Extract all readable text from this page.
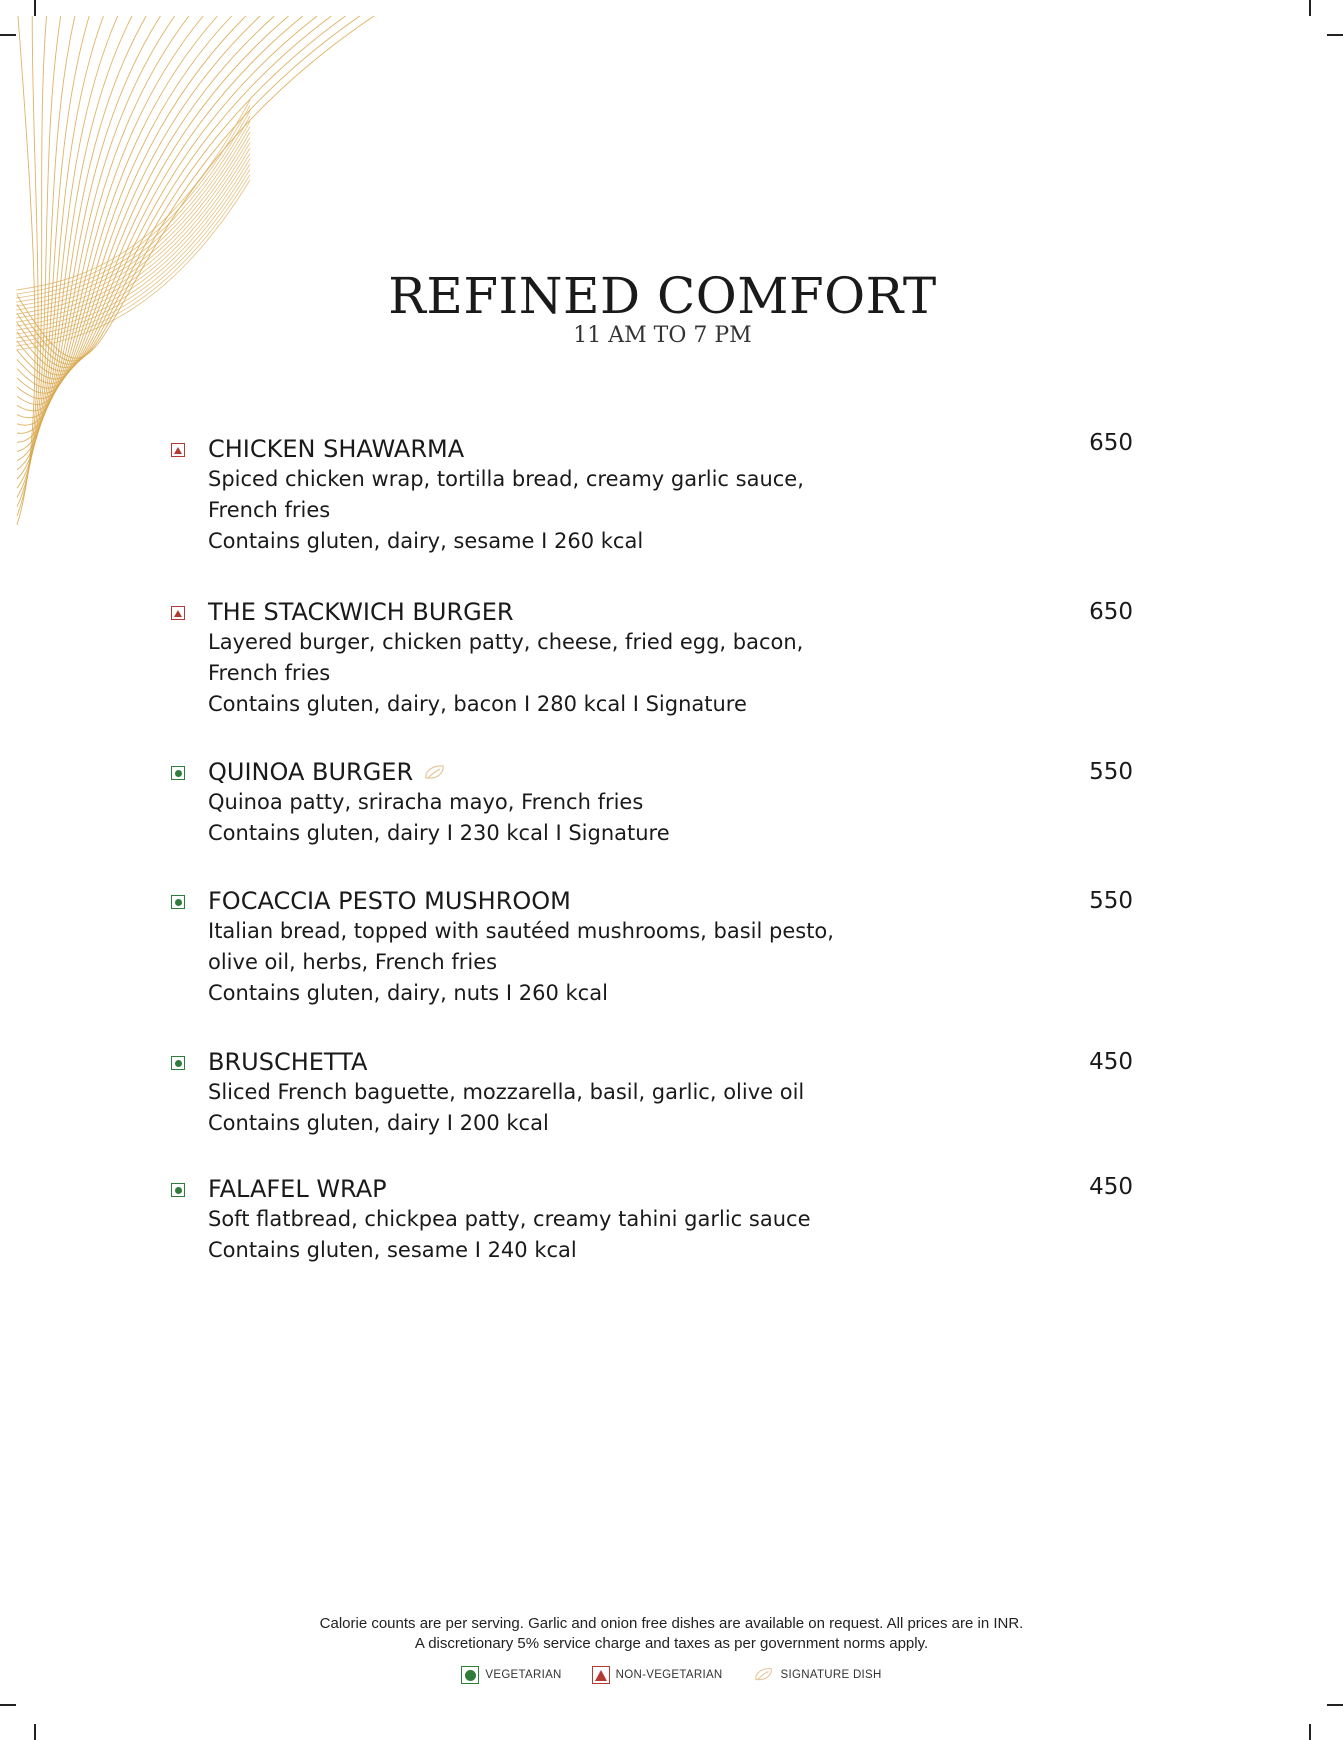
REFINED COMFORT
11 AM TO 7 PM
CHICKEN SHAWARMA	650
Spiced chicken wrap, tortilla bread, creamy garlic sauce,
French fries
Contains gluten, dairy, sesame I 260 kcal
THE STACKWICH BURGER	650
Layered burger, chicken patty, cheese, fried egg, bacon,
French fries
Contains gluten, dairy, bacon I 280 kcal I Signature
QUINOA BURGER	550
Quinoa patty, sriracha mayo, French fries
Contains gluten, dairy I 230 kcal I Signature
FOCACCIA PESTO MUSHROOM	550
Italian bread, topped with sautéed mushrooms, basil pesto,
olive oil, herbs, French fries
Contains gluten, dairy, nuts I 260 kcal
BRUSCHETTA	450
Sliced French baguette, mozzarella, basil, garlic, olive oil
Contains gluten, dairy I 200 kcal
FALAFEL WRAP	450
Soft flatbread, chickpea patty, creamy tahini garlic sauce
Contains gluten, sesame I 240 kcal
Calorie counts are per serving. Garlic and onion free dishes are available on request. All prices are in INR.
A discretionary 5% service charge and taxes as per government norms apply.
VEGETARIAN	NON-VEGETARIAN	SIGNATURE DISH
